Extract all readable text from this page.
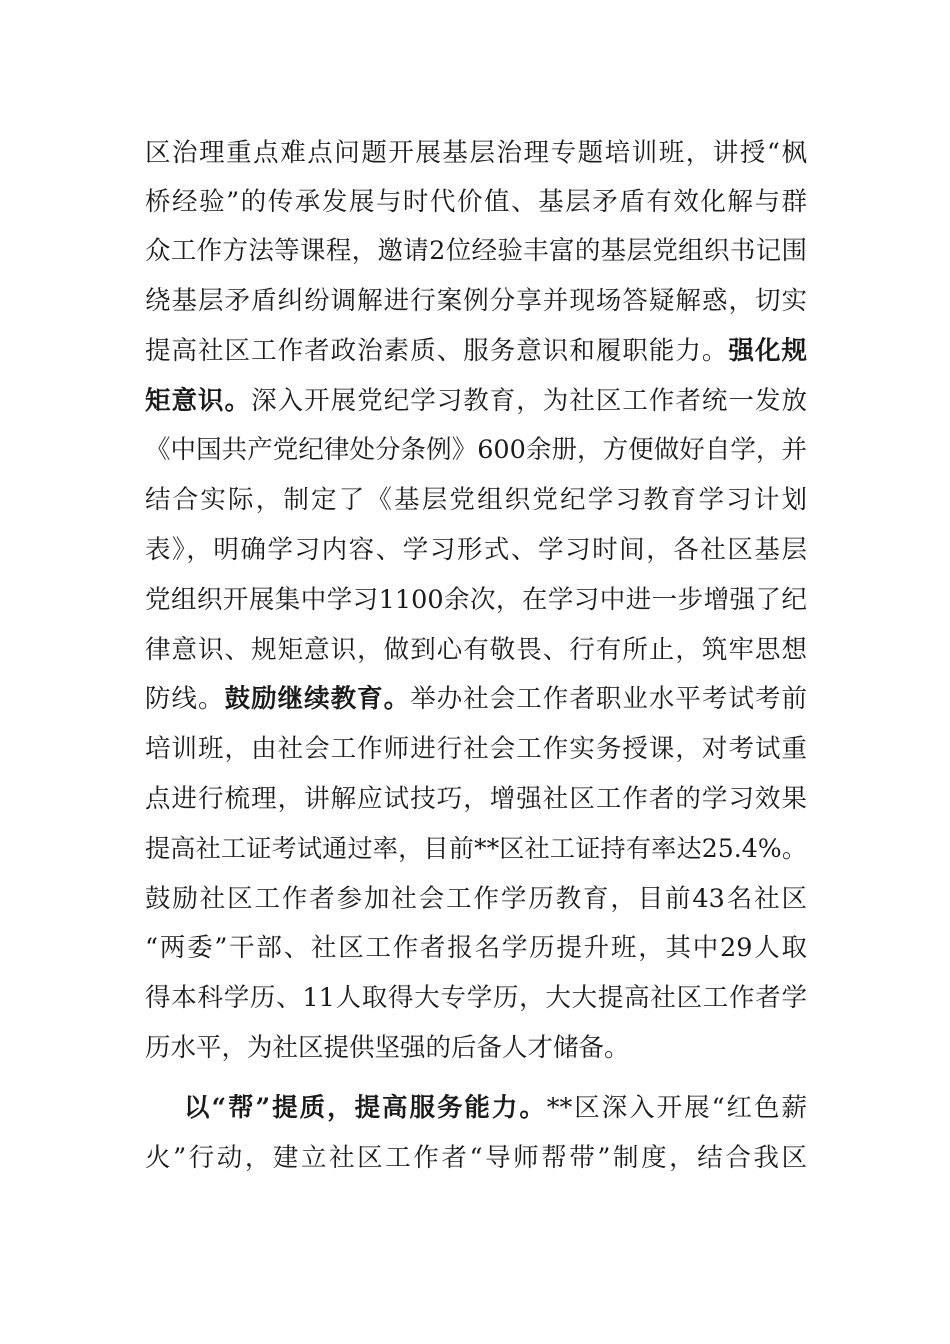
区治理重点难点问题开展基层治理专题培训班，讲授“枫
桥经验”的传承发展与时代价值、基层矛盾有效化解与群
众工作方法等课程，邀请2位经验丰富的基层党组织书记围
绕基层矛盾纠纷调解进行案例分享并现场答疑解惑，切实
提高社区工作者政治素质、服务意识和履职能力。强化规
矩意识。深入开展党纪学习教育，为社区工作者统一发放
《中国共产党纪律处分条例》600余册，方便做好自学，并
结合实际，制定了《基层党组织党纪学习教育学习计划
表》，明确学习内容、学习形式、学习时间，各社区基层
党组织开展集中学习1100余次，在学习中进一步增强了纪
律意识、规矩意识，做到心有敬畏、行有所止，筑牢思想
防线。鼓励继续教育。举办社会工作者职业水平考试考前
培训班，由社会工作师进行社会工作实务授课，对考试重
点进行梳理，讲解应试技巧，增强社区工作者的学习效果
提高社工证考试通过率，目前**区社工证持有率达25.4%。
鼓励社区工作者参加社会工作学历教育，目前43名社区
“两委”干部、社区工作者报名学历提升班，其中29人取
得本科学历、11人取得大专学历，大大提高社区工作者学
历水平，为社区提供坚强的后备人才储备。
以“帮”提质，提高服务能力。**区深入开展“红色薪
火”行动，建立社区工作者“导师帮带”制度，结合我区
